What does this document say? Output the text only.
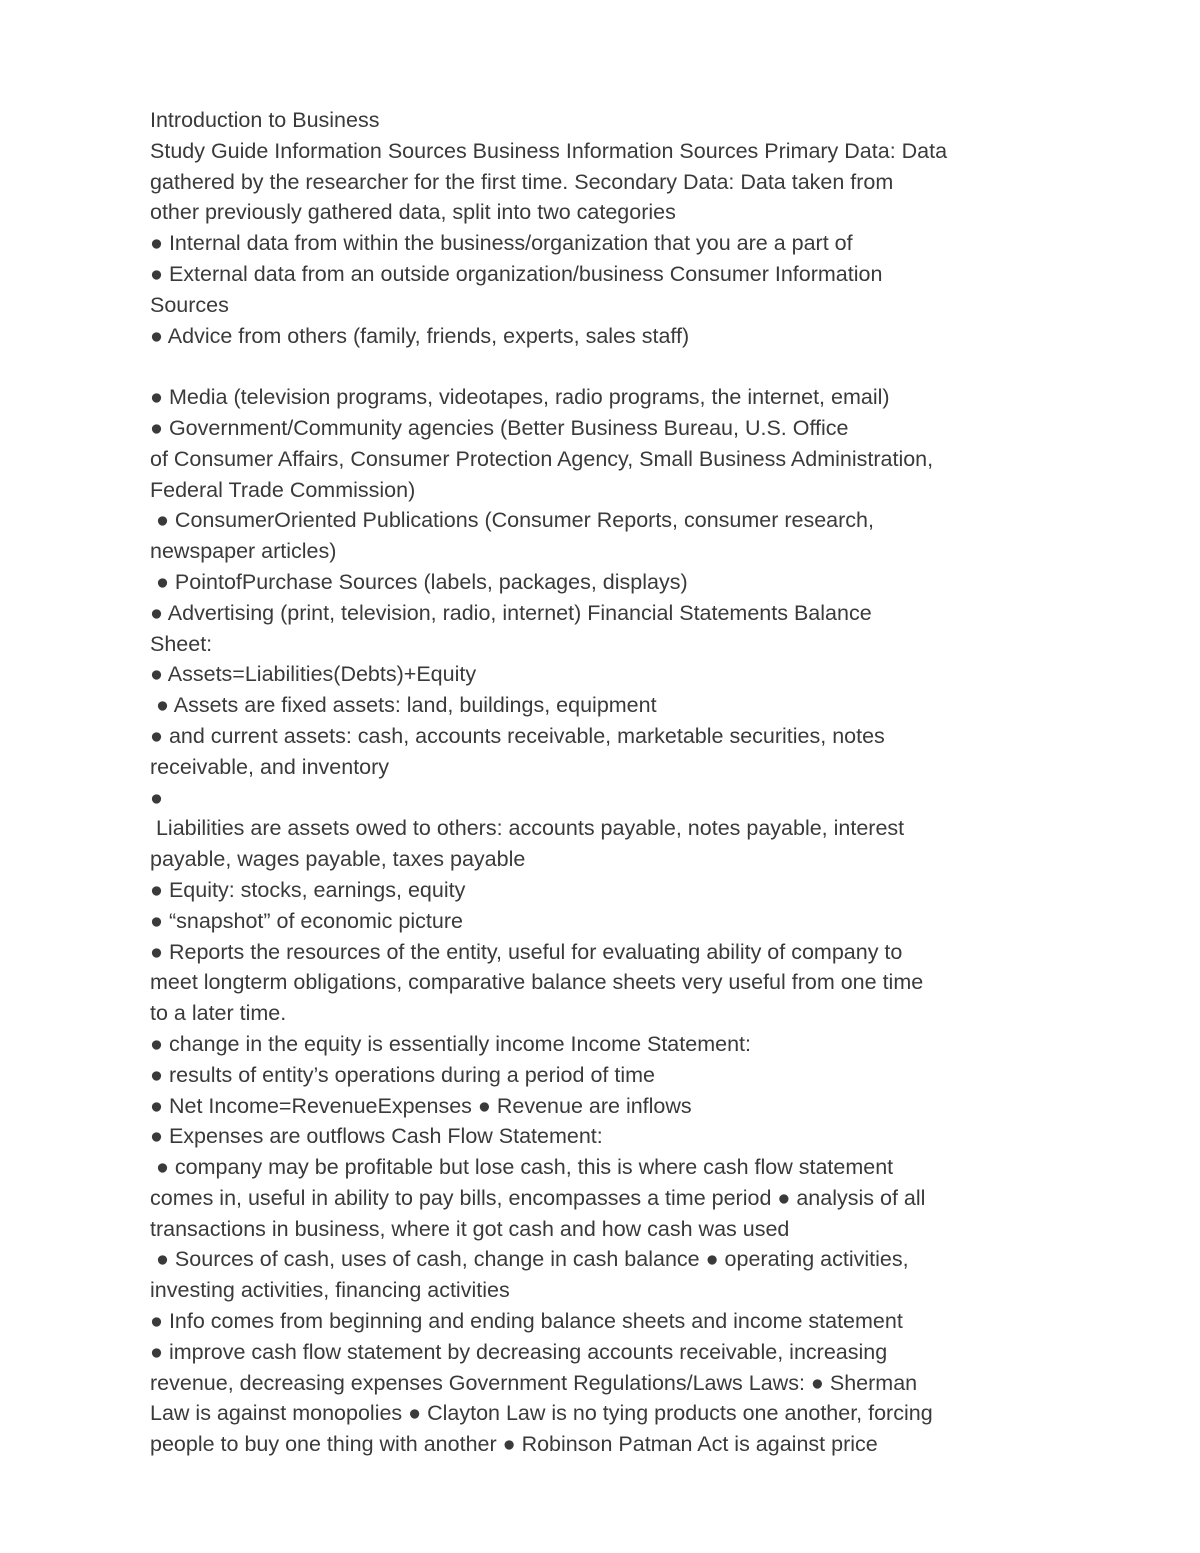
Introduction to Business
Study Guide Information Sources Business Information Sources Primary Data: Data
gathered by the researcher for the first time. Secondary Data: Data taken from
other previously gathered data, split into two categories
● Internal data from within the business/organization that you are a part of
● External data from an outside organization/business Consumer Information
Sources
● Advice from others (family, friends, experts, sales staff)
● Media (television programs, videotapes, radio programs, the internet, email)
● Government/Community agencies (Better Business Bureau, U.S. Office
of Consumer Affairs, Consumer Protection Agency, Small Business Administration,
Federal Trade Commission)
● ConsumerOriented Publications (Consumer Reports, consumer research,
newspaper articles)
● PointofPurchase Sources (labels, packages, displays)
● Advertising (print, television, radio, internet) Financial Statements Balance
Sheet:
● Assets=Liabilities(Debts)+Equity
● Assets are fixed assets: land, buildings, equipment
● and current assets: cash, accounts receivable, marketable securities, notes
receivable, and inventory
●
Liabilities are assets owed to others: accounts payable, notes payable, interest
payable, wages payable, taxes payable
● Equity: stocks, earnings, equity
● “snapshot” of economic picture
● Reports the resources of the entity, useful for evaluating ability of company to
meet longterm obligations, comparative balance sheets very useful from one time
to a later time.
● change in the equity is essentially income Income Statement:
● results of entity’s operations during a period of time
● Net Income=RevenueExpenses ● Revenue are inflows
● Expenses are outflows Cash Flow Statement:
● company may be profitable but lose cash, this is where cash flow statement
comes in, useful in ability to pay bills, encompasses a time period ● analysis of all
transactions in business, where it got cash and how cash was used
● Sources of cash, uses of cash, change in cash balance ● operating activities,
investing activities, financing activities
● Info comes from beginning and ending balance sheets and income statement
● improve cash flow statement by decreasing accounts receivable, increasing
revenue, decreasing expenses Government Regulations/Laws Laws: ● Sherman
Law is against monopolies ● Clayton Law is no tying products one another, forcing
people to buy one thing with another ● Robinson Patman Act is against price
